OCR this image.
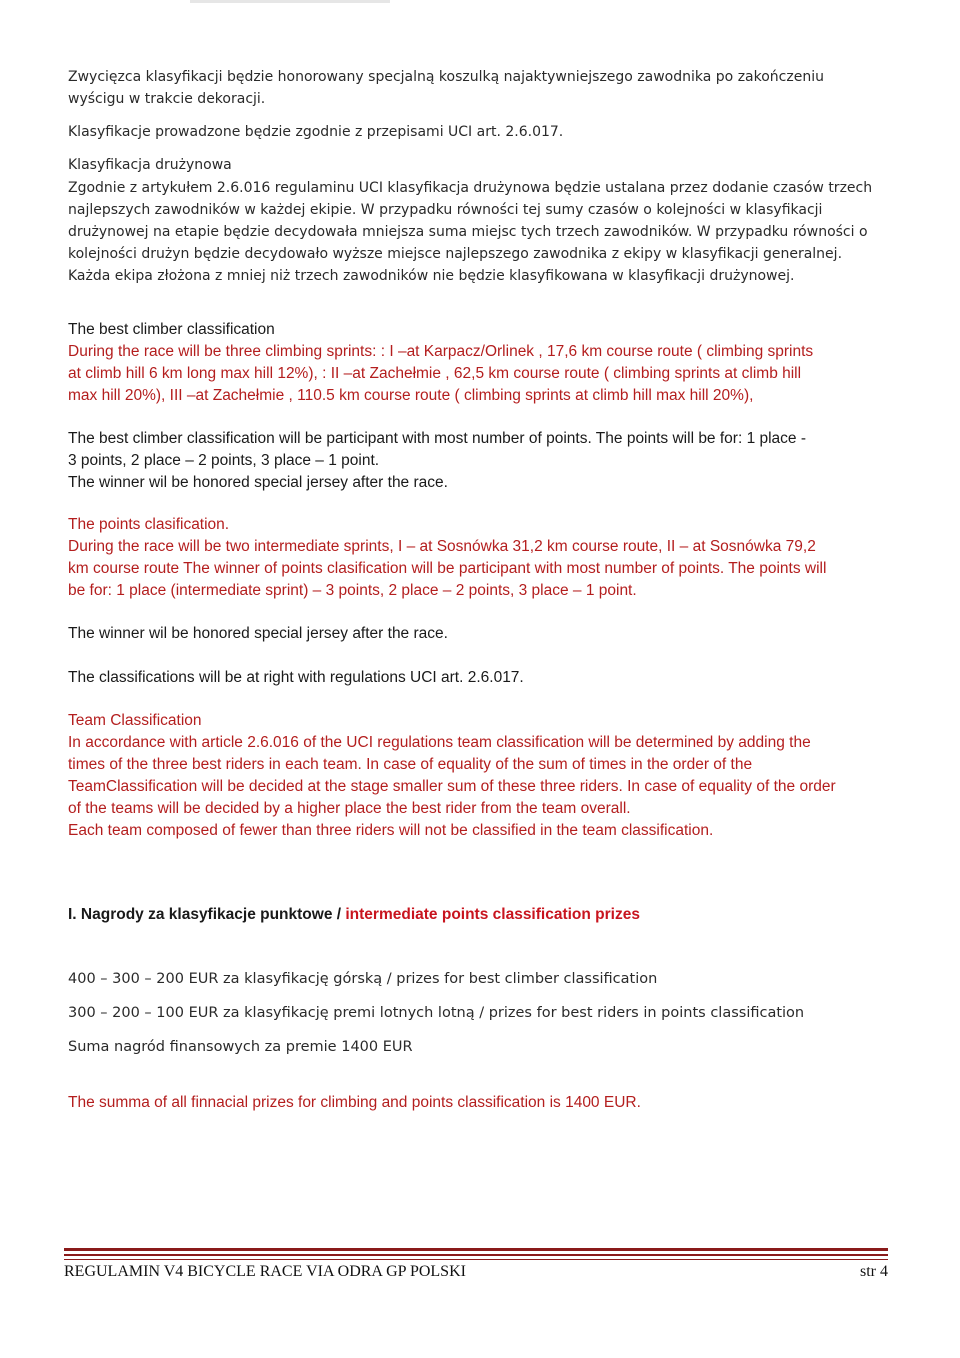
Zwycięzca klasyfikacji będzie honorowany specjalną koszulką najaktywniejszego zawodnika po zakończeniu
wyścigu w trakcie dekoracji.

Klasyfikacje prowadzone będzie zgodnie z przepisami UCI art. 2.6.017.

Klasyfikacja drużynowa

Zgodnie z artykułem 2.6.016 regulaminu UCI klasyfikacja drużynowa będzie ustalana przez dodanie czasów trzech
najlepszych zawodników w każdej ekipie. W przypadku równości tej sumy czasów o kolejności w klasyfikacji
drużynowej na etapie będzie decydowała mniejsza suma miejsc tych trzech zawodników. W przypadku równości o
kolejności drużyn będzie decydowało wyższe miejsce najlepszego zawodnika z ekipy w klasyfikacji generalnej.
Każda ekipa złożona z mniej niż trzech zawodników nie będzie klasyfikowana w klasyfikacji drużynowej.

The best climber classification

During the race will be three climbing sprints: : I –at Karpacz/Orlinek , 17,6 km course route ( climbing sprints
at climb hill 6 km long max hill 12%), : II –at Zachełmie , 62,5 km course route ( climbing sprints at climb hill
max hill 20%), III –at Zachełmie , 110.5 km course route ( climbing sprints at climb hill max hill 20%),

The best climber classification will be participant with most number of points. The points will be for: 1 place -
3 points, 2 place – 2 points, 3 place – 1 point.

The winner wil be honored special jersey after the race.

The points clasification.

During the race will be two intermediate sprints, I – at Sosnówka 31,2 km course route, II – at Sosnówka 79,2
km course route The winner of points clasification will be participant with most number of points. The points will
be for: 1 place (intermediate sprint) – 3 points, 2 place – 2 points, 3 place – 1 point.

The winner wil be honored special jersey after the race.

The classifications will be at right with regulations UCI art. 2.6.017.

Team Classification

In accordance with article 2.6.016 of the UCI regulations team classification will be determined by adding the
times of the three best riders in each team. In case of equality of the sum of times in the order of the
TeamClassification will be decided at the stage smaller sum of these three riders. In case of equality of the order
of the teams will be decided by a higher place the best rider from the team overall.
Each team composed of fewer than three riders will not be classified in the team classification.

I. Nagrody za klasyfikacje punktowe / intermediate points classification prizes

400 – 300 – 200 EUR za klasyfikację górską / prizes for best climber classification

300 – 200 – 100 EUR za klasyfikację premi lotnych lotną / prizes for best riders in points classification

Suma nagród finansowych za premie 1400 EUR

The summa of all finnacial prizes for climbing and points classification is 1400 EUR.

REGULAMIN V4 BICYCLE RACE VIA ODRA GP POLSKI	str 4
